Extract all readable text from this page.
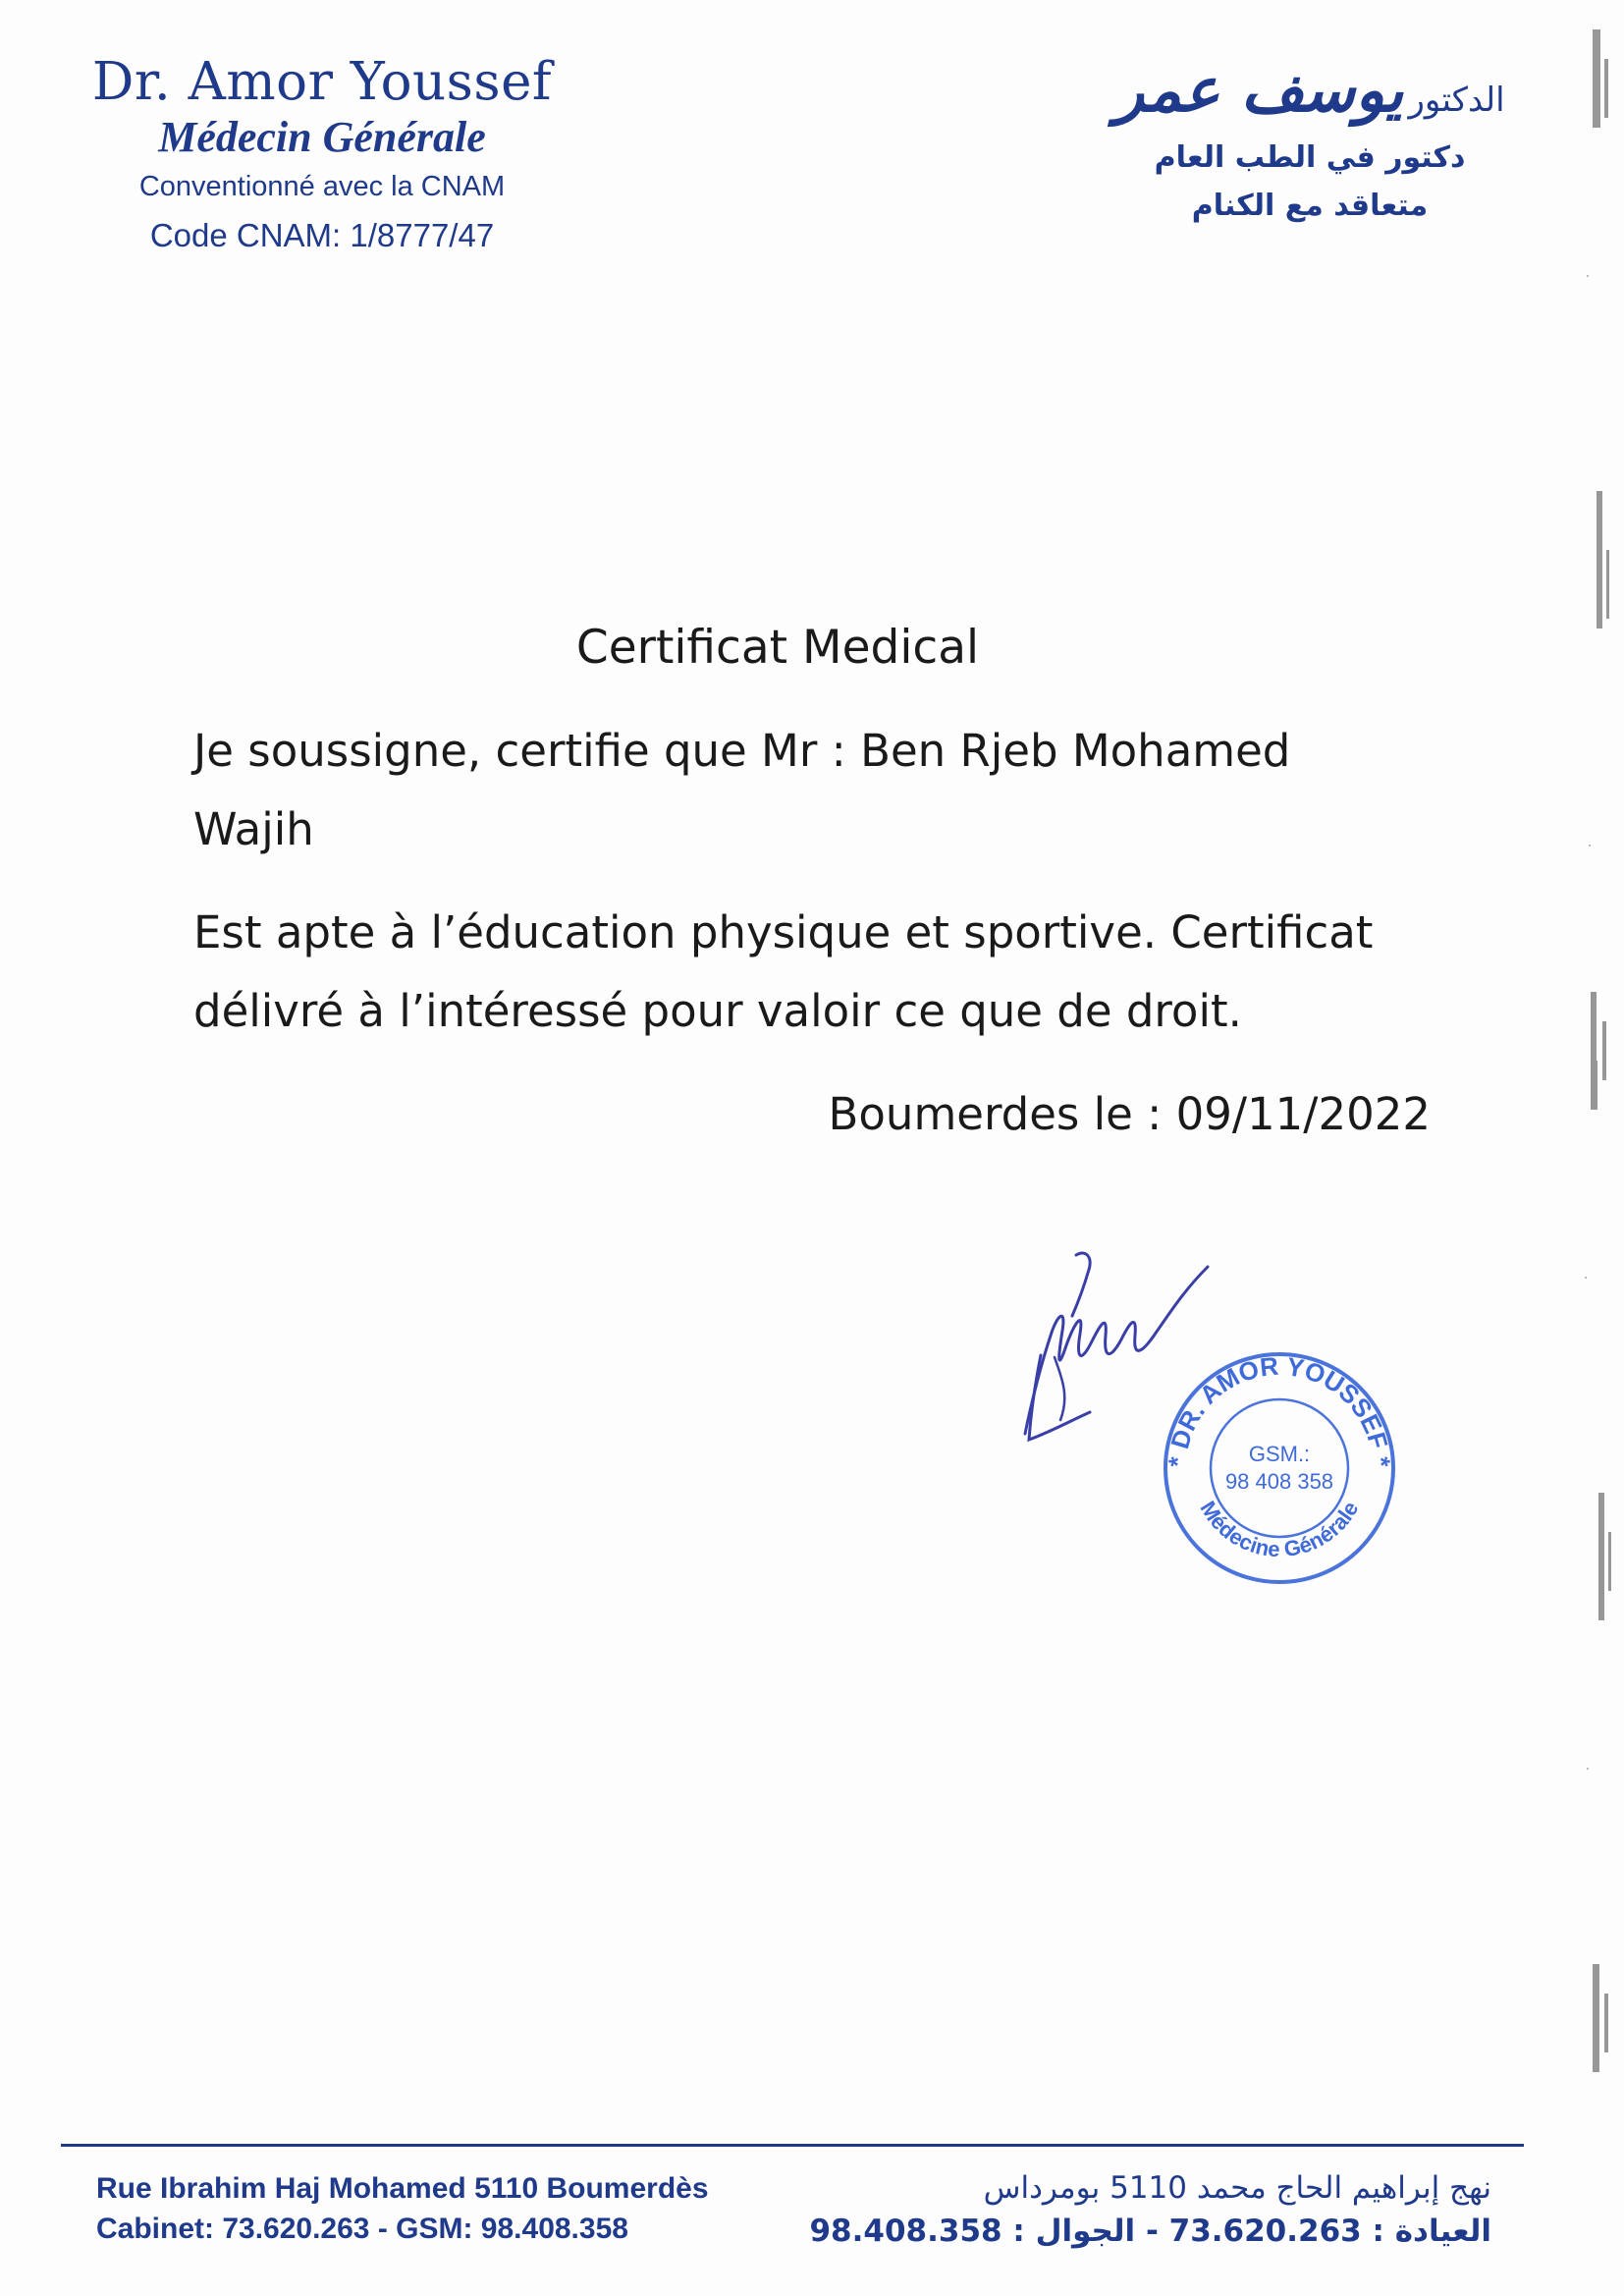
Dr. Amor Youssef
Médecin Générale
Conventionné avec la CNAM
Code CNAM: 1/8777/47
الدكتور يوسف عمر
دكتور في الطب العام
متعاقد مع الكنام
Certificat Medical
Je soussigne, certifie que Mr : Ben Rjeb Mohamed Wajih
Est apte à l’éducation physique et sportive. Certificat délivré à l’intéressé pour valoir ce que de droit.
Boumerdes le : 09/11/2022
* DR. AMOR YOUSSEF *
Médecine Générale
GSM.:
98 408 358
Rue Ibrahim Haj Mohamed 5110 Boumerdès
Cabinet: 73.620.263 - GSM: 98.408.358
نهج إبراهيم الحاج محمد 5110 بومرداس
العيادة : 73.620.263 - الجوال : 98.408.358
